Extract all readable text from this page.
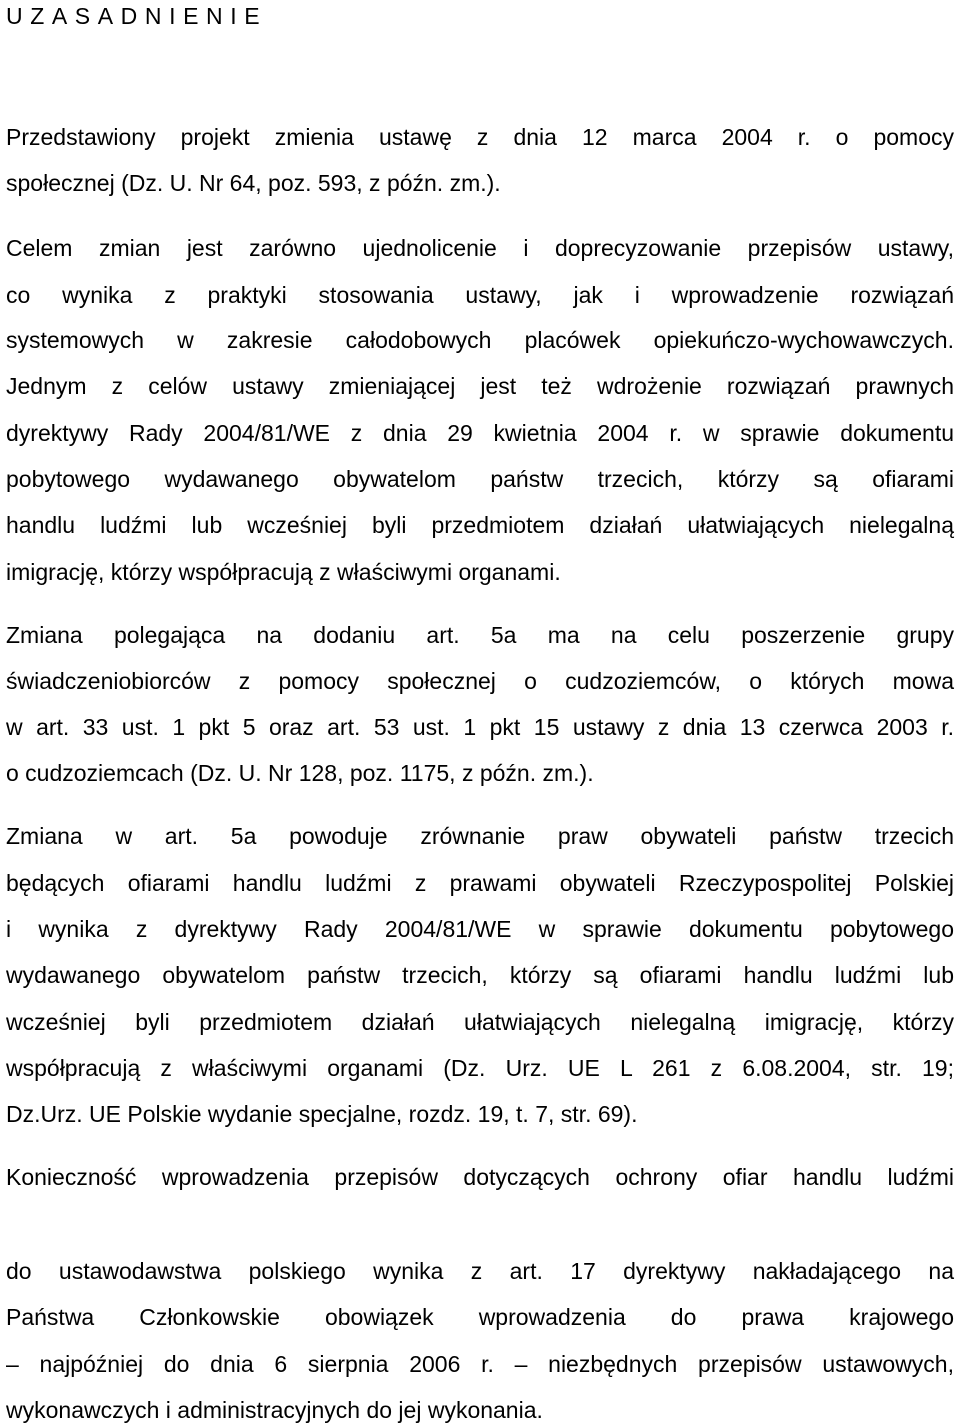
UZASADNIENIE
Przedstawiony projekt zmienia ustawę z dnia 12 marca 2004 r. o pomocy
społecznej (Dz. U. Nr 64, poz. 593, z późn. zm.).
Celem zmian jest zarówno ujednolicenie i doprecyzowanie przepisów ustawy,
co wynika z praktyki stosowania ustawy, jak i wprowadzenie rozwiązań
systemowych w zakresie całodobowych placówek opiekuńczo-wychowawczych.
Jednym z celów ustawy zmieniającej jest też wdrożenie rozwiązań prawnych
dyrektywy Rady 2004/81/WE z dnia 29 kwietnia 2004 r. w sprawie dokumentu
pobytowego wydawanego obywatelom państw trzecich, którzy są ofiarami
handlu ludźmi lub wcześniej byli przedmiotem działań ułatwiających nielegalną
imigrację, którzy współpracują z właściwymi organami.
Zmiana polegająca na dodaniu art. 5a ma na celu poszerzenie grupy
świadczeniobiorców z pomocy społecznej o cudzoziemców, o których mowa
w art. 33 ust. 1 pkt 5 oraz art. 53 ust. 1 pkt 15 ustawy z dnia 13 czerwca 2003 r.
o cudzoziemcach (Dz. U. Nr 128, poz. 1175, z późn. zm.).
Zmiana w art. 5a powoduje zrównanie praw obywateli państw trzecich
będących ofiarami handlu ludźmi z prawami obywateli Rzeczypospolitej Polskiej
i wynika z dyrektywy Rady 2004/81/WE w sprawie dokumentu pobytowego
wydawanego obywatelom państw trzecich, którzy są ofiarami handlu ludźmi lub
wcześniej byli przedmiotem działań ułatwiających nielegalną imigrację, którzy
współpracują z właściwymi organami (Dz. Urz. UE L 261 z 6.08.2004, str. 19;
Dz.Urz. UE Polskie wydanie specjalne, rozdz. 19, t. 7, str. 69).
Konieczność wprowadzenia przepisów dotyczących ochrony ofiar handlu ludźmi
do ustawodawstwa polskiego wynika z art. 17 dyrektywy nakładającego na
Państwa Członkowskie obowiązek wprowadzenia do prawa krajowego
– najpóźniej do dnia 6 sierpnia 2006 r. – niezbędnych przepisów ustawowych,
wykonawczych i administracyjnych do jej wykonania.
